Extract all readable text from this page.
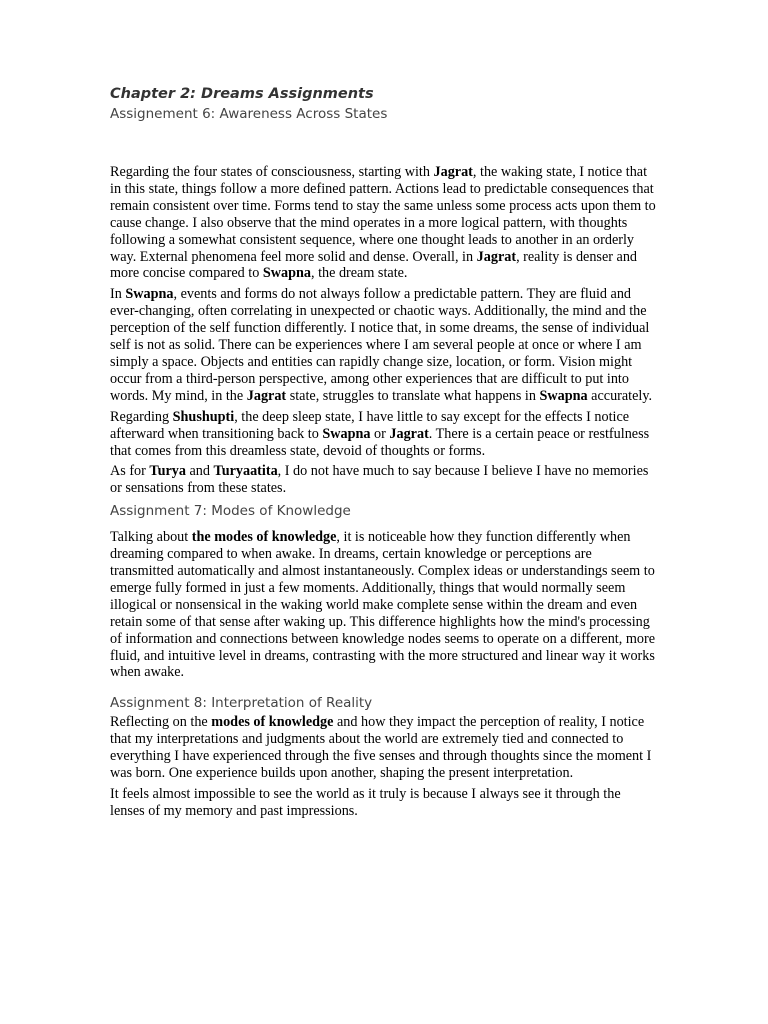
Chapter 2: Dreams Assignments
Assignement 6: Awareness Across States

Regarding the four states of consciousness, starting with Jagrat, the waking state, I notice that in this state, things follow a more defined pattern. Actions lead to predictable consequences that remain consistent over time. Forms tend to stay the same unless some process acts upon them to cause change. I also observe that the mind operates in a more logical pattern, with thoughts following a somewhat consistent sequence, where one thought leads to another in an orderly way. External phenomena feel more solid and dense. Overall, in Jagrat, reality is denser and more concise compared to Swapna, the dream state.

In Swapna, events and forms do not always follow a predictable pattern. They are fluid and ever-changing, often correlating in unexpected or chaotic ways. Additionally, the mind and the perception of the self function differently. I notice that, in some dreams, the sense of individual self is not as solid. There can be experiences where I am several people at once or where I am simply a space. Objects and entities can rapidly change size, location, or form. Vision might occur from a third-person perspective, among other experiences that are difficult to put into words. My mind, in the Jagrat state, struggles to translate what happens in Swapna accurately.

Regarding Shushupti, the deep sleep state, I have little to say except for the effects I notice afterward when transitioning back to Swapna or Jagrat. There is a certain peace or restfulness that comes from this dreamless state, devoid of thoughts or forms.

As for Turya and Turyaatita, I do not have much to say because I believe I have no memories or sensations from these states.

Assignment 7: Modes of Knowledge

Talking about the modes of knowledge, it is noticeable how they function differently when dreaming compared to when awake. In dreams, certain knowledge or perceptions are transmitted automatically and almost instantaneously. Complex ideas or understandings seem to emerge fully formed in just a few moments. Additionally, things that would normally seem illogical or nonsensical in the waking world make complete sense within the dream and even retain some of that sense after waking up. This difference highlights how the mind's processing of information and connections between knowledge nodes seems to operate on a different, more fluid, and intuitive level in dreams, contrasting with the more structured and linear way it works when awake.

Assignment 8: Interpretation of Reality

Reflecting on the modes of knowledge and how they impact the perception of reality, I notice that my interpretations and judgments about the world are extremely tied and connected to everything I have experienced through the five senses and through thoughts since the moment I was born. One experience builds upon another, shaping the present interpretation.

It feels almost impossible to see the world as it truly is because I always see it through the lenses of my memory and past impressions.
